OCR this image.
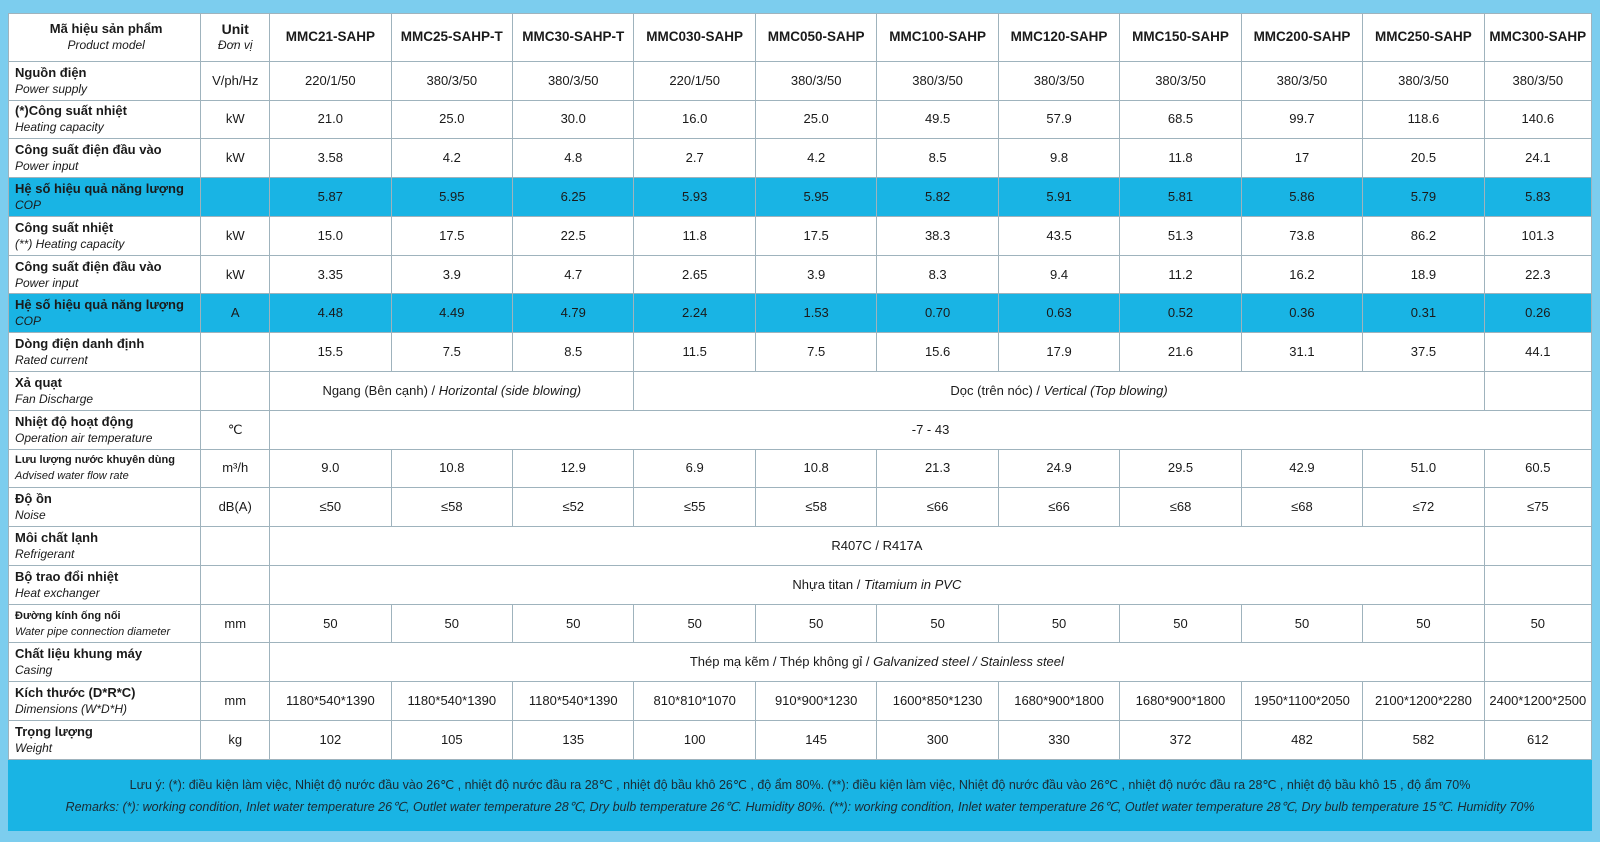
Mã hiệu sản phẩm
Product model	Unit
Đơn vị	MMC21-SAHP	MMC25-SAHP-T	MMC30-SAHP-T	MMC030-SAHP	MMC050-SAHP	MMC100-SAHP	MMC120-SAHP	MMC150-SAHP	MMC200-SAHP	MMC250-SAHP	MMC300-SAHP

Nguồn điện
Power supply	V/ph/Hz	220/1/50	380/3/50	380/3/50	220/1/50	380/3/50	380/3/50	380/3/50	380/3/50	380/3/50	380/3/50	380/3/50

(*)Công suất nhiệt
Heating capacity	kW	21.0	25.0	30.0	16.0	25.0	49.5	57.9	68.5	99.7	118.6	140.6

Công suất điện đầu vào
Power input	kW	3.58	4.2	4.8	2.7	4.2	8.5	9.8	11.8	17	20.5	24.1

Hệ số hiệu quả năng lượng
COP		5.87	5.95	6.25	5.93	5.95	5.82	5.91	5.81	5.86	5.79	5.83

Công suất nhiệt
(**) Heating capacity	kW	15.0	17.5	22.5	11.8	17.5	38.3	43.5	51.3	73.8	86.2	101.3

Công suất điện đầu vào
Power input	kW	3.35	3.9	4.7	2.65	3.9	8.3	9.4	11.2	16.2	18.9	22.3

Hệ số hiệu quả năng lượng
COP	A	4.48	4.49	4.79	2.24	1.53	0.70	0.63	0.52	0.36	0.31	0.26

Dòng điện danh định
Rated current		15.5	7.5	8.5	11.5	7.5	15.6	17.9	21.6	31.1	37.5	44.1

Xả quạt
Fan Discharge		Ngang (Bên cạnh) / Horizontal (side blowing)			Dọc (trên nóc) / Vertical (Top blowing)							

Nhiệt độ hoạt động
Operation air temperature	℃	-7 - 43										

Lưu lượng nước khuyên dùng
Advised water flow rate	m³/h	9.0	10.8	12.9	6.9	10.8	21.3	24.9	29.5	42.9	51.0	60.5

Độ ồn
Noise	dB(A)	≤50	≤58	≤52	≤55	≤58	≤66	≤66	≤68	≤68	≤72	≤75

Môi chất lạnh
Refrigerant		R407C / R417A										

Bộ trao đổi nhiệt
Heat exchanger		Nhựa titan / Titamium in PVC										

Đường kính ống nối
Water pipe connection diameter	mm	50	50	50	50	50	50	50	50	50	50	50

Chất liệu khung máy
Casing		Thép mạ kẽm / Thép không gỉ / Galvanized steel / Stainless steel										

Kích thước (D*R*C)
Dimensions (W*D*H)	mm	1180*540*1390	1180*540*1390	1180*540*1390	810*810*1070	910*900*1230	1600*850*1230	1680*900*1800	1680*900*1800	1950*1100*2050	2100*1200*2280	2400*1200*2500

Trọng lượng
Weight	kg	102	105	135	100	145	300	330	372	482	582	612
Lưu ý: (*): điều kiện làm việc, Nhiệt độ nước đầu vào 26℃ , nhiệt độ nước đầu ra 28℃ , nhiệt độ bầu khô 26℃ , độ ẩm 80%. (**): điều kiện làm việc, Nhiệt độ nước đầu vào 26℃ , nhiệt độ nước đầu ra 28℃ , nhiệt độ bầu khô 15 , độ ẩm 70%
Remarks: (*): working condition, Inlet water temperature 26℃, Outlet water temperature 28℃, Dry bulb temperature 26℃. Humidity 80%. (**): working condition, Inlet water temperature 26℃, Outlet water temperature 28℃, Dry bulb temperature 15℃. Humidity 70%
